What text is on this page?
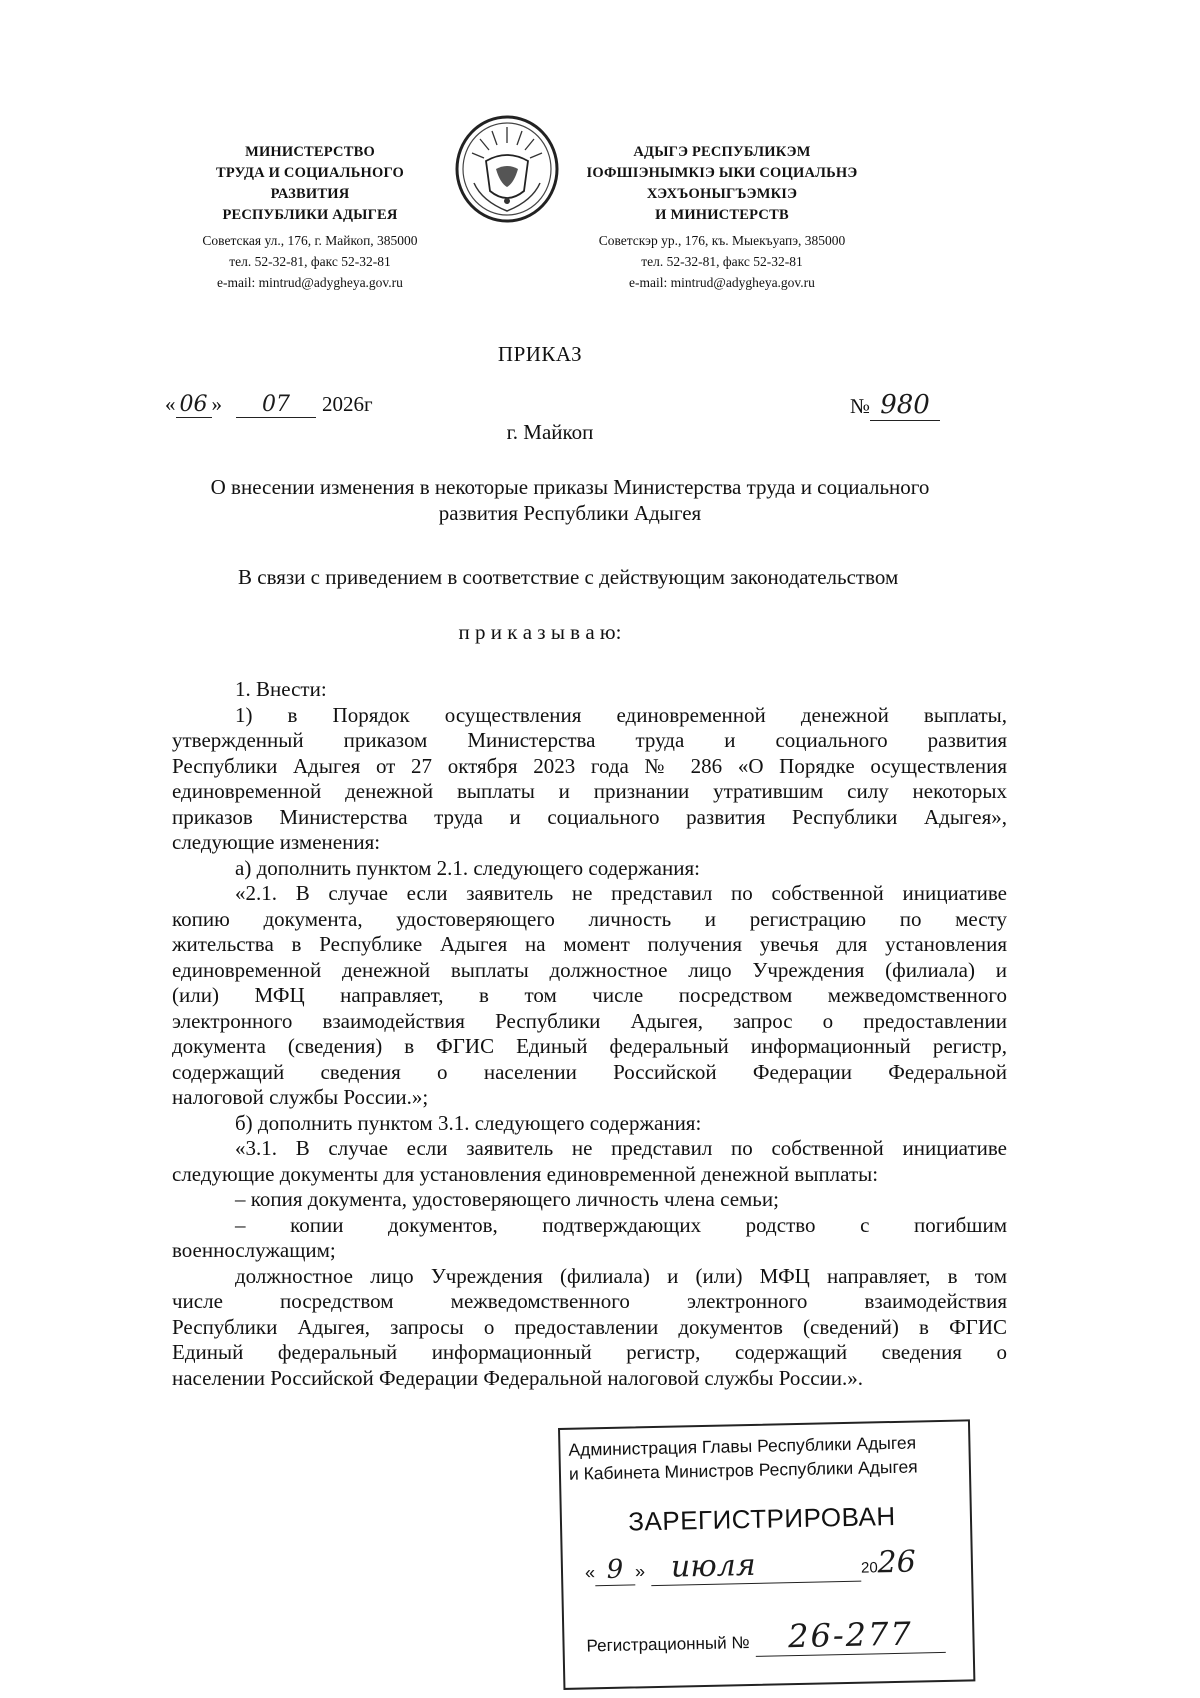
МИНИСТЕРСТВО
ТРУДА И СОЦИАЛЬНОГО
РАЗВИТИЯ
РЕСПУБЛИКИ АДЫГЕЯ
Советская ул., 176, г. Майкоп, 385000
тел. 52-32-81, факс 52-32-81
e-mail: mintrud@adygheya.gov.ru
АДЫГЭ РЕСПУБЛИКЭМ
IОФШIЭНЫМКIЭ ЫКИ СОЦИАЛЬНЭ
ХЭХЪОНЫГЪЭМКIЭ
И МИНИСТЕРСТВ
Советскэр ур., 176, къ. Мыекъуапэ, 385000
тел. 52-32-81, факс 52-32-81
e-mail: mintrud@adygheya.gov.ru
ПРИКАЗ
« 06 » 07 2026г	№ 980
г. Майкоп
О внесении изменения в некоторые приказы Министерства труда и социального
развития Республики Адыгея
В связи с приведением в соответствие с действующим законодательством
п р и к а з ы в а ю:
1. Внести:
1) в Порядок осуществления единовременной денежной выплаты,
утвержденный приказом Министерства труда и социального развития
Республики Адыгея от 27 октября 2023 года № 286 «О Порядке осуществления
единовременной денежной выплаты и признании утратившим силу некоторых
приказов Министерства труда и социального развития Республики Адыгея»,
следующие изменения:
а) дополнить пунктом 2.1. следующего содержания:
«2.1. В случае если заявитель не представил по собственной инициативе
копию документа, удостоверяющего личность и регистрацию по месту
жительства в Республике Адыгея на момент получения увечья для установления
единовременной денежной выплаты должностное лицо Учреждения (филиала) и
(или) МФЦ направляет, в том числе посредством межведомственного
электронного взаимодействия Республики Адыгея, запрос о предоставлении
документа (сведения) в ФГИС Единый федеральный информационный регистр,
содержащий сведения о населении Российской Федерации Федеральной
налоговой службы России.»;
б) дополнить пунктом 3.1. следующего содержания:
«3.1. В случае если заявитель не представил по собственной инициативе
следующие документы для установления единовременной денежной выплаты:
– копия документа, удостоверяющего личность члена семьи;
– копии документов, подтверждающих родство с погибшим
военнослужащим;
должностное лицо Учреждения (филиала) и (или) МФЦ направляет, в том
числе посредством межведомственного электронного взаимодействия
Республики Адыгея, запросы о предоставлении документов (сведений) в ФГИС
Единый федеральный информационный регистр, содержащий сведения о
населении Российской Федерации Федеральной налоговой службы России.».
Администрация Главы Республики Адыгея
и Кабинета Министров Республики Адыгея
ЗАРЕГИСТРИРОВАН
« 9 » июля	2026
Регистрационный № 26-277
